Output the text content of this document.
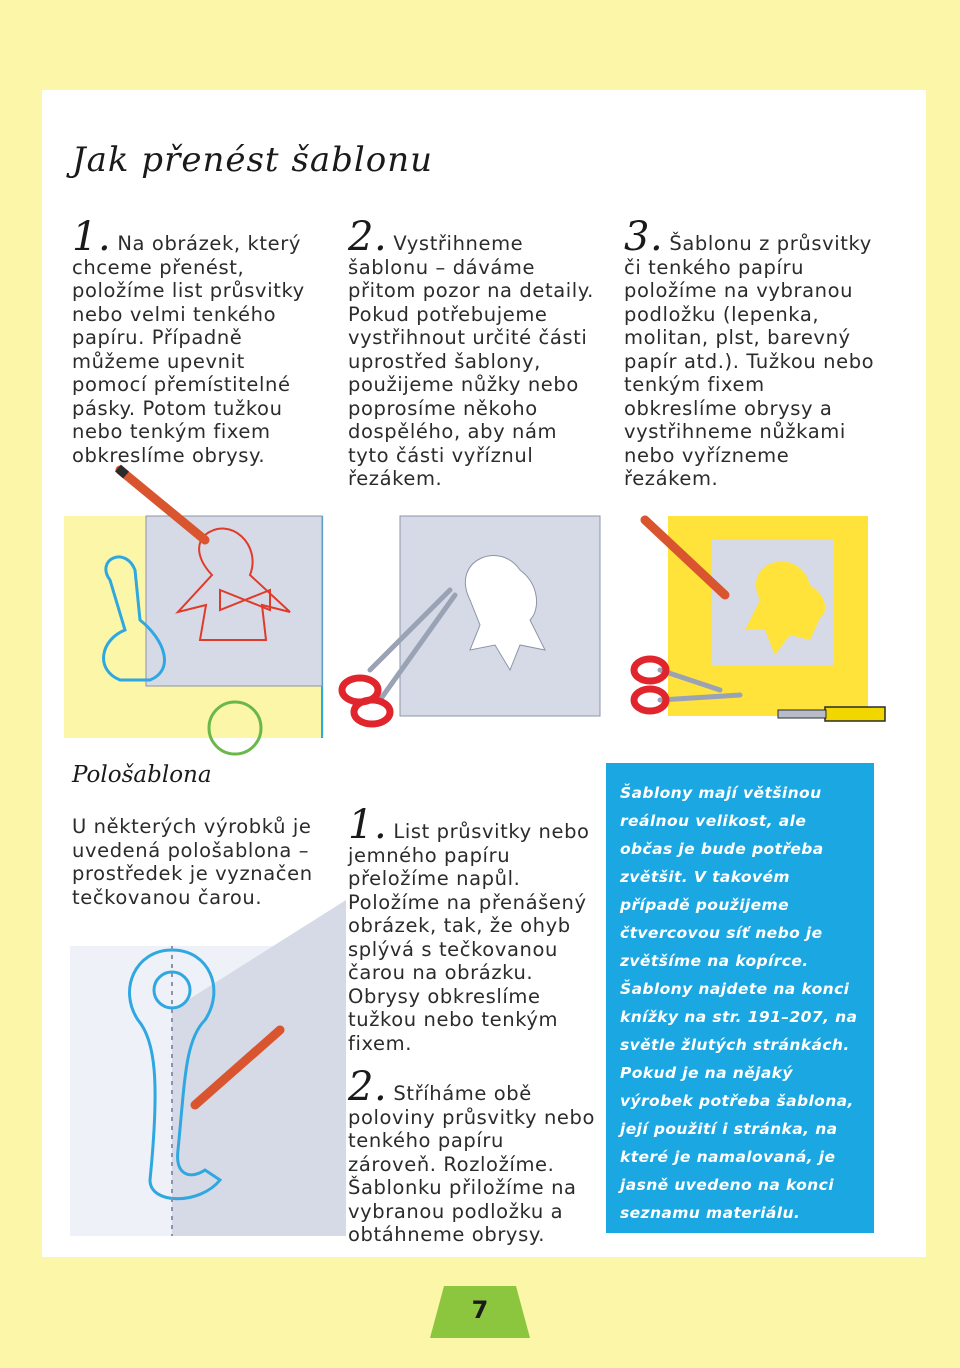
Jak přenést šablonu
1. Na obrázek, který chceme přenést, položíme list průsvitky nebo velmi tenkého papíru. Případně můžeme upevnit pomocí přemístitelné pásky. Potom tužkou nebo tenkým fixem obkreslíme obrysy.
2. Vystřihneme šablonu – dáváme přitom pozor na detaily. Pokud potřebujeme vystřihnout určité části uprostřed šablony, použijeme nůžky nebo poprosíme někoho dospělého, aby nám tyto části vyříznul řezákem.
3. Šablonu z průsvitky či tenkého papíru položíme na vybranou podložku (lepenka, molitan, plst, barevný papír atd.). Tužkou nebo tenkým fixem obkreslíme obrysy a vystřihneme nůžkami nebo vyřízneme řezákem.
Pološablona
U některých výrobků je uvedená pološablona – prostředek je vyznačen tečkovanou čarou.
1. List průsvitky nebo jemného papíru přeložíme napůl. Položíme na přenášený obrázek, tak, že ohyb splývá s tečkovanou čarou na obrázku. Obrysy obkreslíme tužkou nebo tenkým fixem.
2. Stříháme obě poloviny průsvitky nebo tenkého papíru zároveň. Rozložíme. Šablonku přiložíme na vybranou podložku a obtáhneme obrysy.

Šablony mají většinou reálnou velikost, ale občas je bude potřeba zvětšit. V takovém případě použijeme čtvercovou síť nebo je zvětšíme na kopírce. Šablony najdete na konci knížky na str. 191–207, na světle žlutých stránkách. Pokud je na nějaký výrobek potřeba šablona, její použití i stránka, na které je namalovaná, je jasně uvedeno na konci seznamu materiálu.

7
